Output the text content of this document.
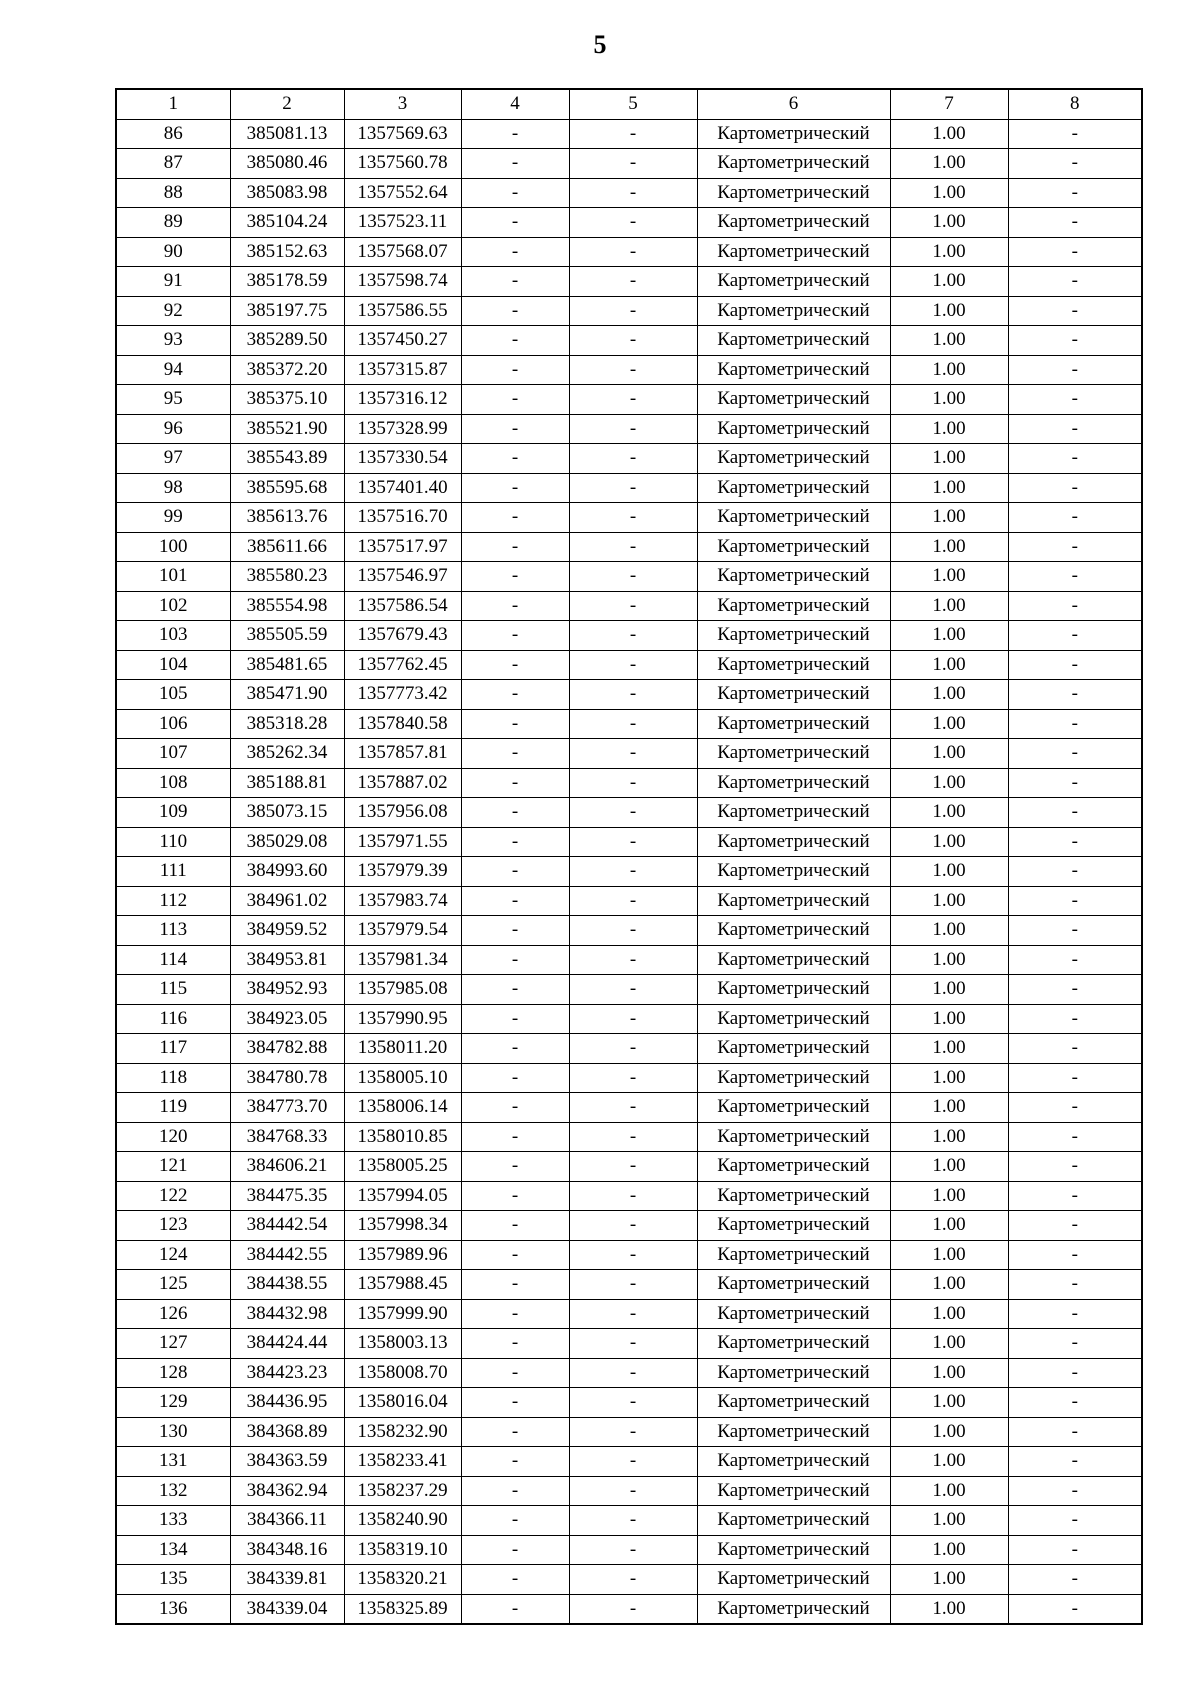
5
1	2	3	4	5	6	7	8
86	385081.13	1357569.63	-	-	Картометрический	1.00	-
87	385080.46	1357560.78	-	-	Картометрический	1.00	-
88	385083.98	1357552.64	-	-	Картометрический	1.00	-
89	385104.24	1357523.11	-	-	Картометрический	1.00	-
90	385152.63	1357568.07	-	-	Картометрический	1.00	-
91	385178.59	1357598.74	-	-	Картометрический	1.00	-
92	385197.75	1357586.55	-	-	Картометрический	1.00	-
93	385289.50	1357450.27	-	-	Картометрический	1.00	-
94	385372.20	1357315.87	-	-	Картометрический	1.00	-
95	385375.10	1357316.12	-	-	Картометрический	1.00	-
96	385521.90	1357328.99	-	-	Картометрический	1.00	-
97	385543.89	1357330.54	-	-	Картометрический	1.00	-
98	385595.68	1357401.40	-	-	Картометрический	1.00	-
99	385613.76	1357516.70	-	-	Картометрический	1.00	-
100	385611.66	1357517.97	-	-	Картометрический	1.00	-
101	385580.23	1357546.97	-	-	Картометрический	1.00	-
102	385554.98	1357586.54	-	-	Картометрический	1.00	-
103	385505.59	1357679.43	-	-	Картометрический	1.00	-
104	385481.65	1357762.45	-	-	Картометрический	1.00	-
105	385471.90	1357773.42	-	-	Картометрический	1.00	-
106	385318.28	1357840.58	-	-	Картометрический	1.00	-
107	385262.34	1357857.81	-	-	Картометрический	1.00	-
108	385188.81	1357887.02	-	-	Картометрический	1.00	-
109	385073.15	1357956.08	-	-	Картометрический	1.00	-
110	385029.08	1357971.55	-	-	Картометрический	1.00	-
111	384993.60	1357979.39	-	-	Картометрический	1.00	-
112	384961.02	1357983.74	-	-	Картометрический	1.00	-
113	384959.52	1357979.54	-	-	Картометрический	1.00	-
114	384953.81	1357981.34	-	-	Картометрический	1.00	-
115	384952.93	1357985.08	-	-	Картометрический	1.00	-
116	384923.05	1357990.95	-	-	Картометрический	1.00	-
117	384782.88	1358011.20	-	-	Картометрический	1.00	-
118	384780.78	1358005.10	-	-	Картометрический	1.00	-
119	384773.70	1358006.14	-	-	Картометрический	1.00	-
120	384768.33	1358010.85	-	-	Картометрический	1.00	-
121	384606.21	1358005.25	-	-	Картометрический	1.00	-
122	384475.35	1357994.05	-	-	Картометрический	1.00	-
123	384442.54	1357998.34	-	-	Картометрический	1.00	-
124	384442.55	1357989.96	-	-	Картометрический	1.00	-
125	384438.55	1357988.45	-	-	Картометрический	1.00	-
126	384432.98	1357999.90	-	-	Картометрический	1.00	-
127	384424.44	1358003.13	-	-	Картометрический	1.00	-
128	384423.23	1358008.70	-	-	Картометрический	1.00	-
129	384436.95	1358016.04	-	-	Картометрический	1.00	-
130	384368.89	1358232.90	-	-	Картометрический	1.00	-
131	384363.59	1358233.41	-	-	Картометрический	1.00	-
132	384362.94	1358237.29	-	-	Картометрический	1.00	-
133	384366.11	1358240.90	-	-	Картометрический	1.00	-
134	384348.16	1358319.10	-	-	Картометрический	1.00	-
135	384339.81	1358320.21	-	-	Картометрический	1.00	-
136	384339.04	1358325.89	-	-	Картометрический	1.00	-
